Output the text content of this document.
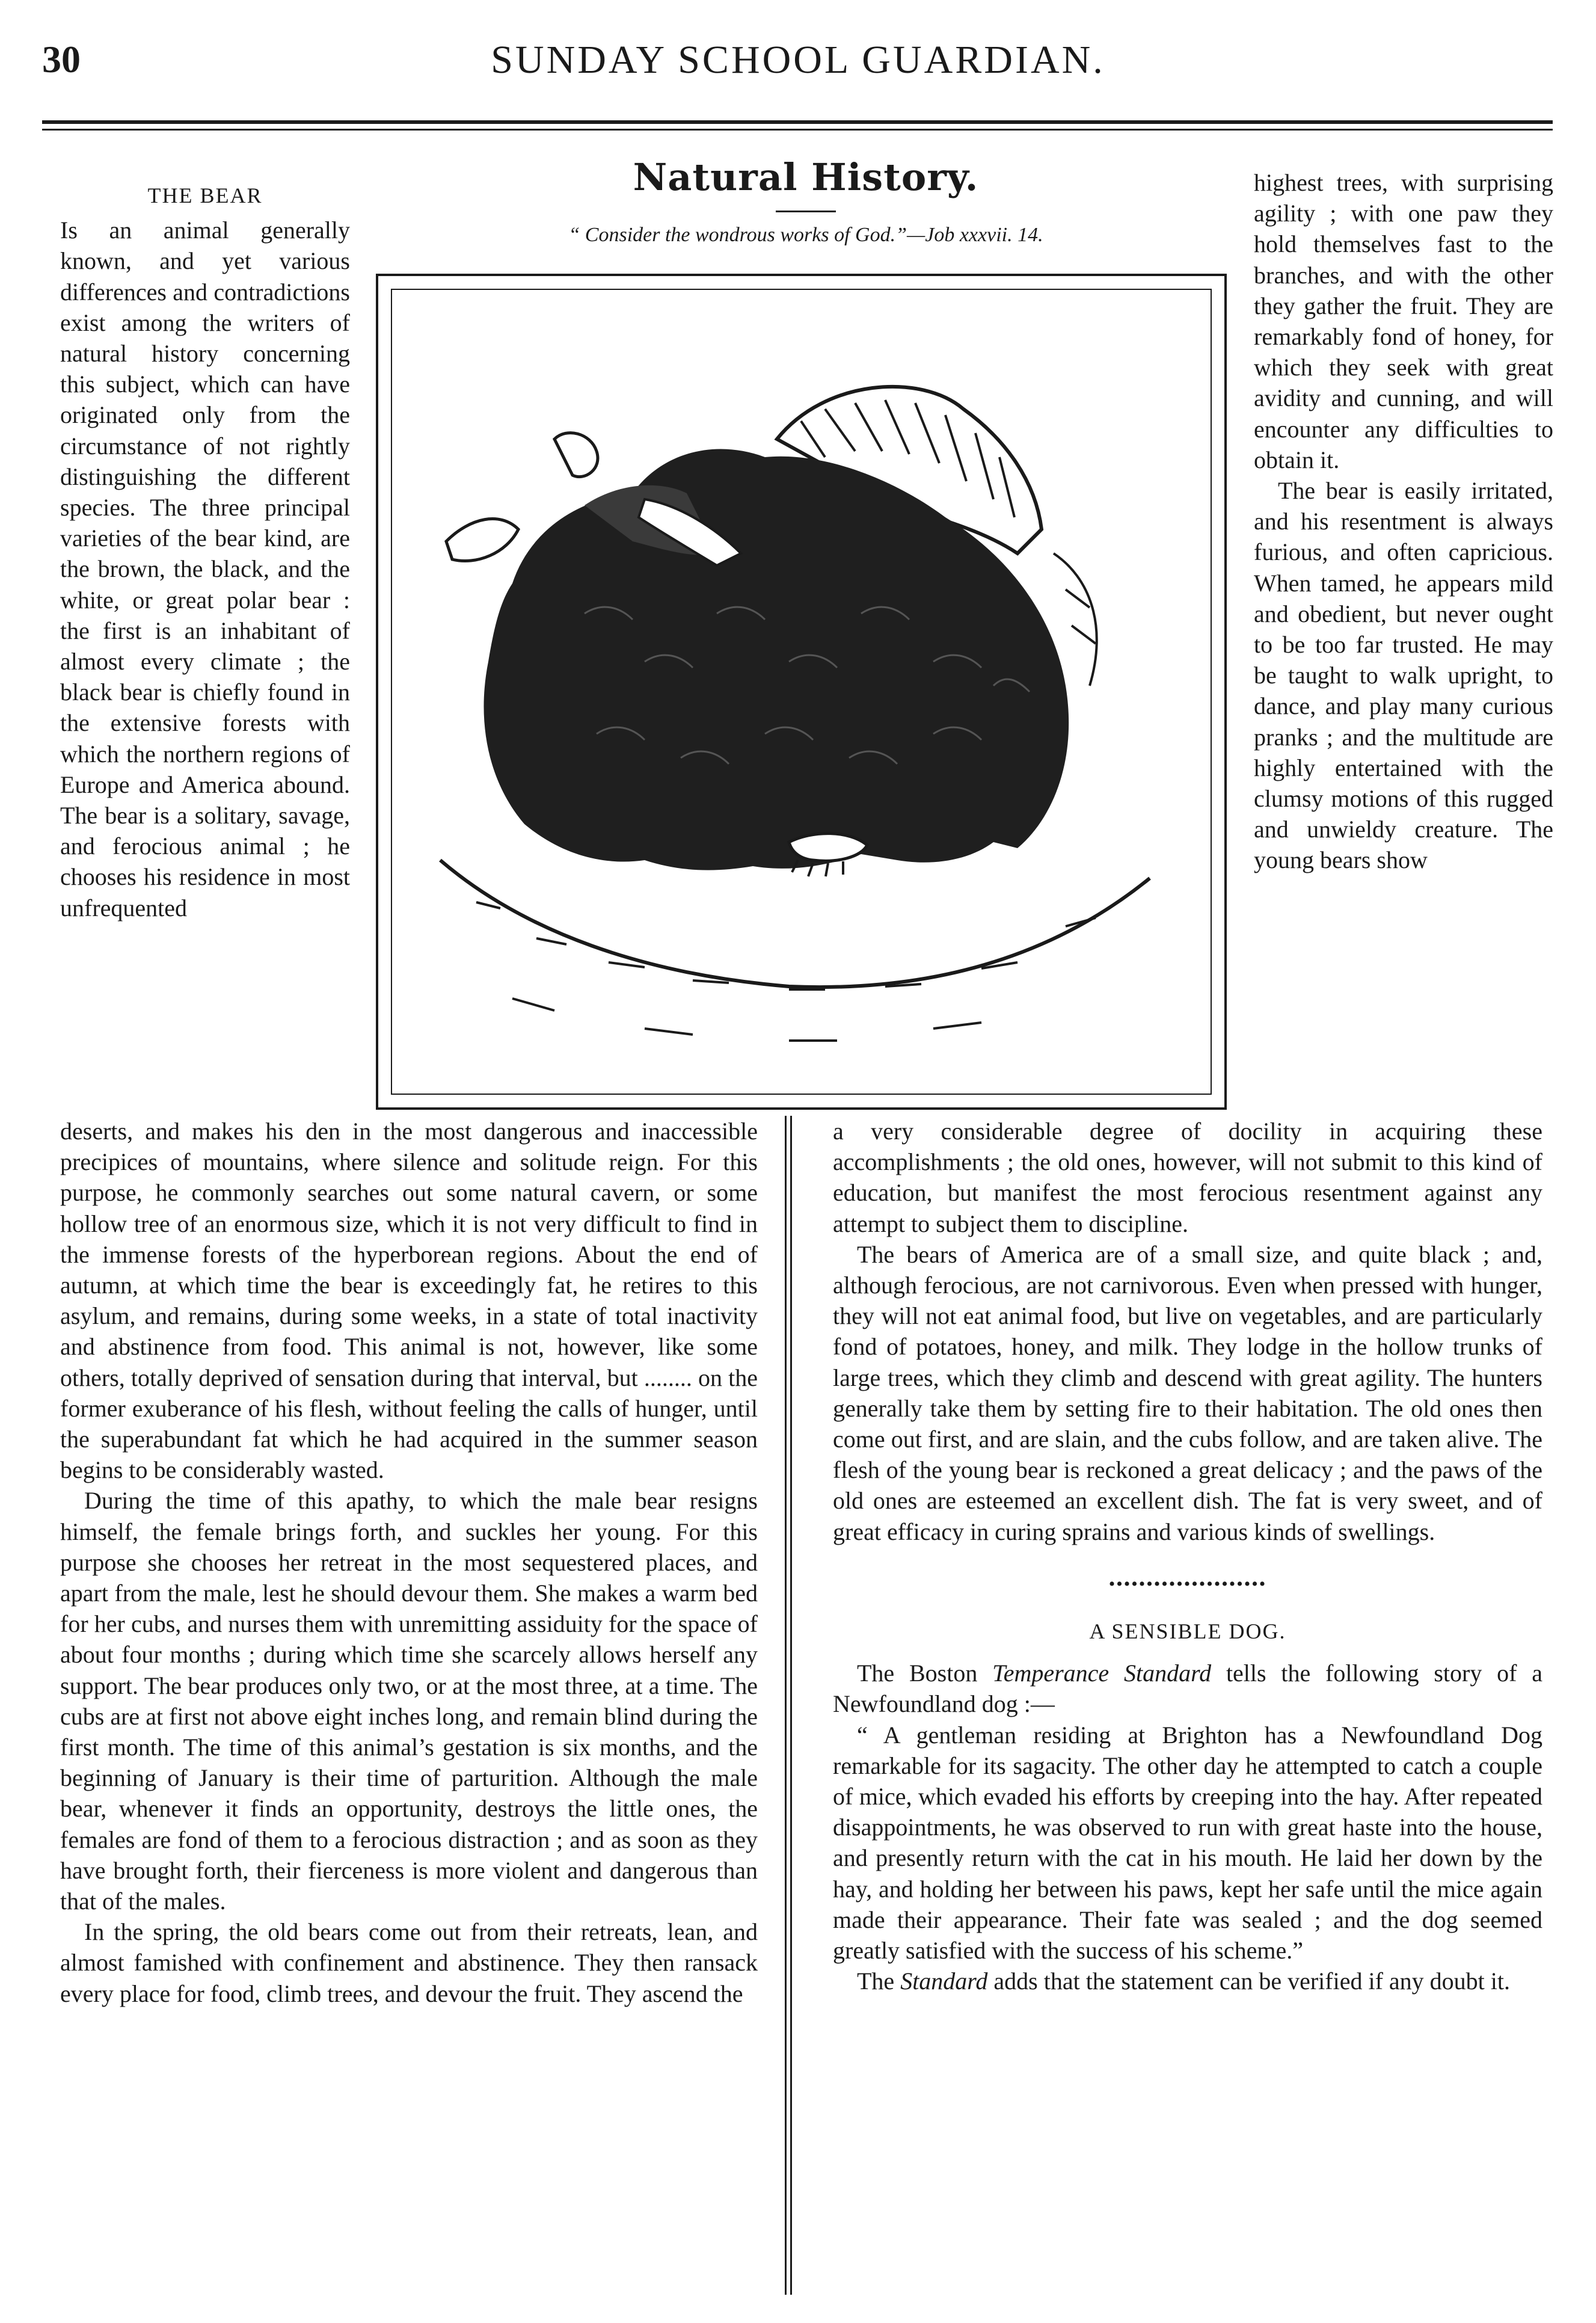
30	SUNDAY SCHOOL GUARDIAN.

THE BEAR

Is an animal generally known, and yet various differences and contradictions exist among the writers of natural history concerning this subject, which can have originated only from the circumstance of not rightly distinguishing the different species. The three principal varieties of the bear kind, are the brown, the black, and the white, or great polar bear : the first is an inhabitant of almost every climate ; the black bear is chiefly found in the extensive forests with which the northern regions of Europe and America abound. The bear is a solitary, savage, and ferocious animal ; he chooses his residence in most unfrequented

Natural History.
“ Consider the wondrous works of God.”—Job xxxvii. 14.

highest trees, with surprising agility ; with one paw they hold themselves fast to the branches, and with the other they gather the fruit. They are remarkably fond of honey, for which they seek with great avidity and cunning, and will encounter any difficulties to obtain it.

The bear is easily irritated, and his resentment is always furious, and often capricious. When tamed, he appears mild and obedient, but never ought to be too far trusted. He may be taught to walk upright, to dance, and play many curious pranks ; and the multitude are highly entertained with the clumsy motions of this rugged and unwieldy creature. The young bears show

deserts, and makes his den in the most dangerous and inaccessible precipices of mountains, where silence and solitude reign. For this purpose, he commonly searches out some natural cavern, or some hollow tree of an enormous size, which it is not very difficult to find in the immense forests of the hyperborean regions. About the end of autumn, at which time the bear is exceedingly fat, he retires to this asylum, and remains, during some weeks, in a state of total inactivity and abstinence from food. This animal is not, however, like some others, totally deprived of sensation during that interval, but ........ on the former exuberance of his flesh, without feeling the calls of hunger, until the superabundant fat which he had acquired in the summer season begins to be considerably wasted.

During the time of this apathy, to which the male bear resigns himself, the female brings forth, and suckles her young. For this purpose she chooses her retreat in the most sequestered places, and apart from the male, lest he should devour them. She makes a warm bed for her cubs, and nurses them with unremitting assiduity for the space of about four months ; during which time she scarcely allows herself any support. The bear produces only two, or at the most three, at a time. The cubs are at first not above eight inches long, and remain blind during the first month. The time of this animal’s gestation is six months, and the beginning of January is their time of parturition. Although the male bear, whenever it finds an opportunity, destroys the little ones, the females are fond of them to a ferocious distraction ; and as soon as they have brought forth, their fierceness is more violent and dangerous than that of the males.

In the spring, the old bears come out from their retreats, lean, and almost famished with confinement and abstinence. They then ransack every place for food, climb trees, and devour the fruit. They ascend the

a very considerable degree of docility in acquiring these accomplishments ; the old ones, however, will not submit to this kind of education, but manifest the most ferocious resentment against any attempt to subject them to discipline.

The bears of America are of a small size, and quite black ; and, although ferocious, are not carnivorous. Even when pressed with hunger, they will not eat animal food, but live on vegetables, and are particularly fond of potatoes, honey, and milk. They lodge in the hollow trunks of large trees, which they climb and descend with great agility. The hunters generally take them by setting fire to their habitation. The old ones then come out first, and are slain, and the cubs follow, and are taken alive. The flesh of the young bear is reckoned a great delicacy ; and the paws of the old ones are esteemed an excellent dish. The fat is very sweet, and of great efficacy in curing sprains and various kinds of swellings.

•••••••••••••••••••••

A SENSIBLE DOG.

The Boston Temperance Standard tells the following story of a Newfoundland dog :—

“ A gentleman residing at Brighton has a Newfoundland Dog remarkable for its sagacity. The other day he attempted to catch a couple of mice, which evaded his efforts by creeping into the hay. After repeated disappointments, he was observed to run with great haste into the house, and presently return with the cat in his mouth. He laid her down by the hay, and holding her between his paws, kept her safe until the mice again made their appearance. Their fate was sealed ; and the dog seemed greatly satisfied with the success of his scheme.”

The Standard adds that the statement can be verified if any doubt it.
